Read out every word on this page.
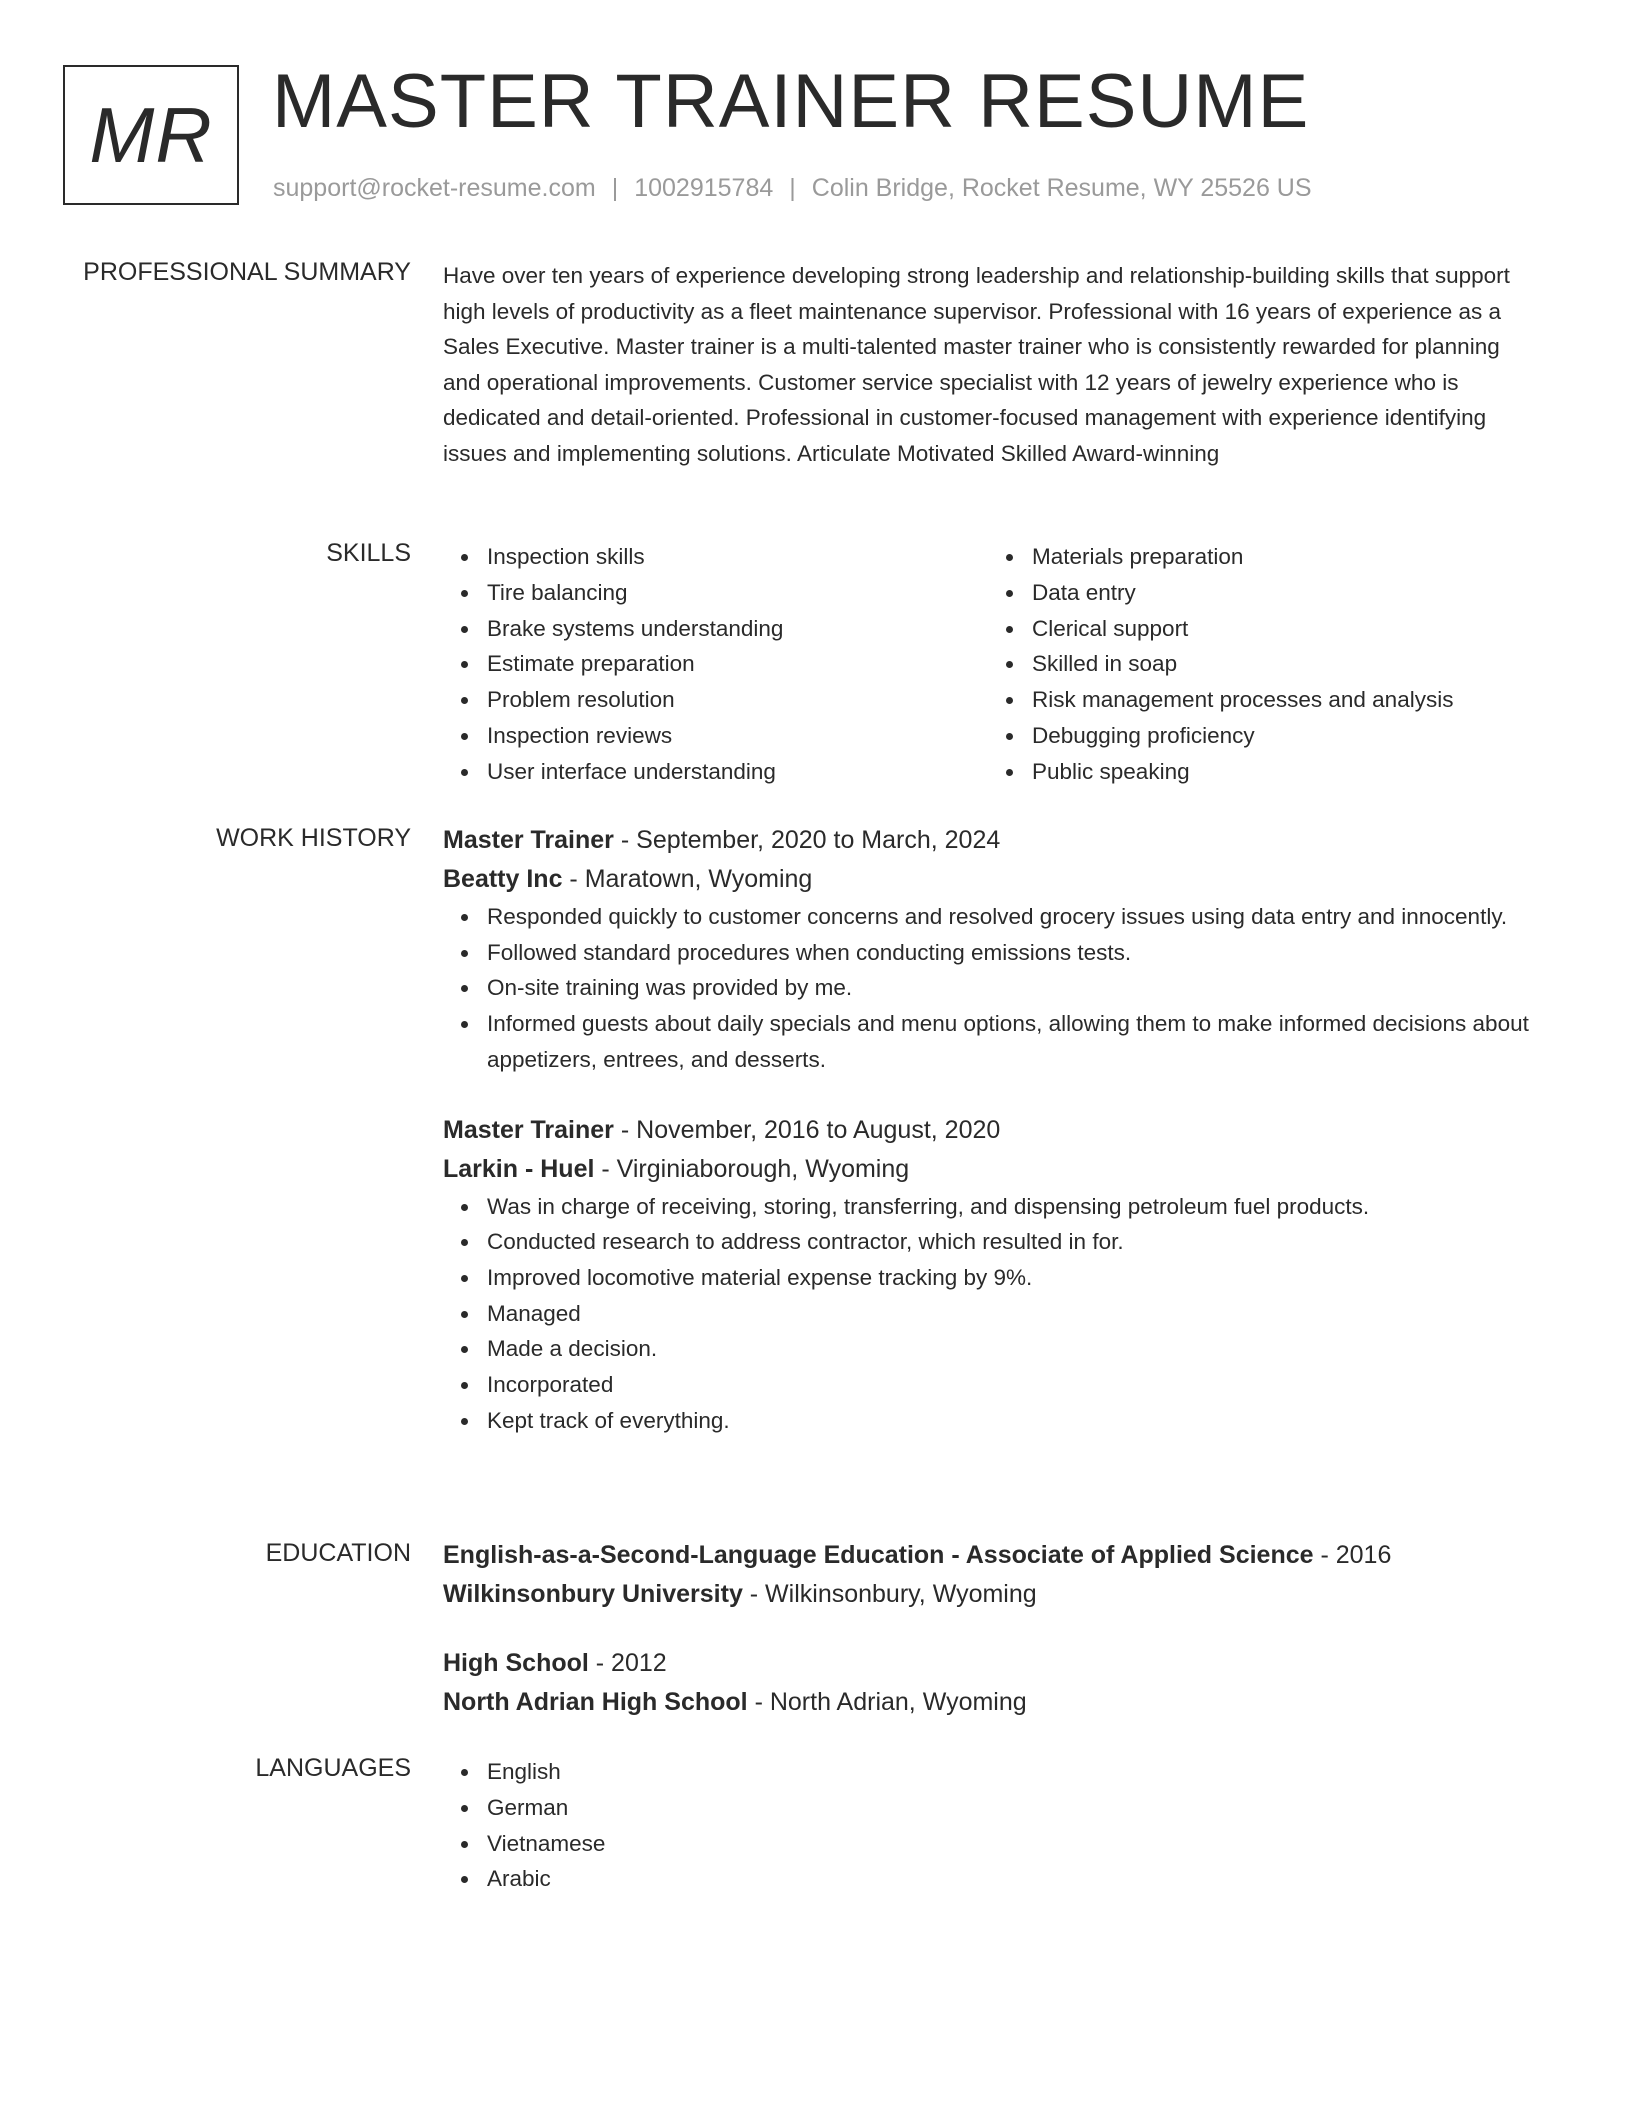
MR MASTER TRAINER RESUME
support@rocket-resume.com | 1002915784 | Colin Bridge, Rocket Resume, WY 25526 US
PROFESSIONAL SUMMARY Have over ten years of experience developing strong leadership and relationship-building skills that support high levels of productivity as a fleet maintenance supervisor. Professional with 16 years of experience as a Sales Executive. Master trainer is a multi-talented master trainer who is consistently rewarded for planning and operational improvements. Customer service specialist with 12 years of jewelry experience who is dedicated and detail-oriented. Professional in customer-focused management with experience identifying issues and implementing solutions. Articulate Motivated Skilled Award-winning

SKILLS	Inspection skills
Tire balancing
Brake systems understanding
Estimate preparation
Problem resolution
Inspection reviews
User interface understanding
Materials preparation
Data entry
Clerical support
Skilled in soap
Risk management processes and analysis
Debugging proficiency
Public speaking
WORK HISTORY Master Trainer - September, 2020 to March, 2024
Beatty Inc - Maratown, Wyoming
Responded quickly to customer concerns and resolved grocery issues using data entry and innocently.
Followed standard procedures when conducting emissions tests.
On-site training was provided by me.
Informed guests about daily specials and menu options, allowing them to make informed decisions about appetizers, entrees, and desserts.
Master Trainer - November, 2016 to August, 2020
Larkin - Huel - Virginiaborough, Wyoming
Was in charge of receiving, storing, transferring, and dispensing petroleum fuel products.
Conducted research to address contractor, which resulted in for.
Improved locomotive material expense tracking by 9%.
Managed
Made a decision.
Incorporated
Kept track of everything.
EDUCATION English-as-a-Second-Language Education - Associate of Applied Science - 2016
Wilkinsonbury University - Wilkinsonbury, Wyoming
High School - 2012
North Adrian High School - North Adrian, Wyoming
LANGUAGES	English
German
Vietnamese
Arabic
